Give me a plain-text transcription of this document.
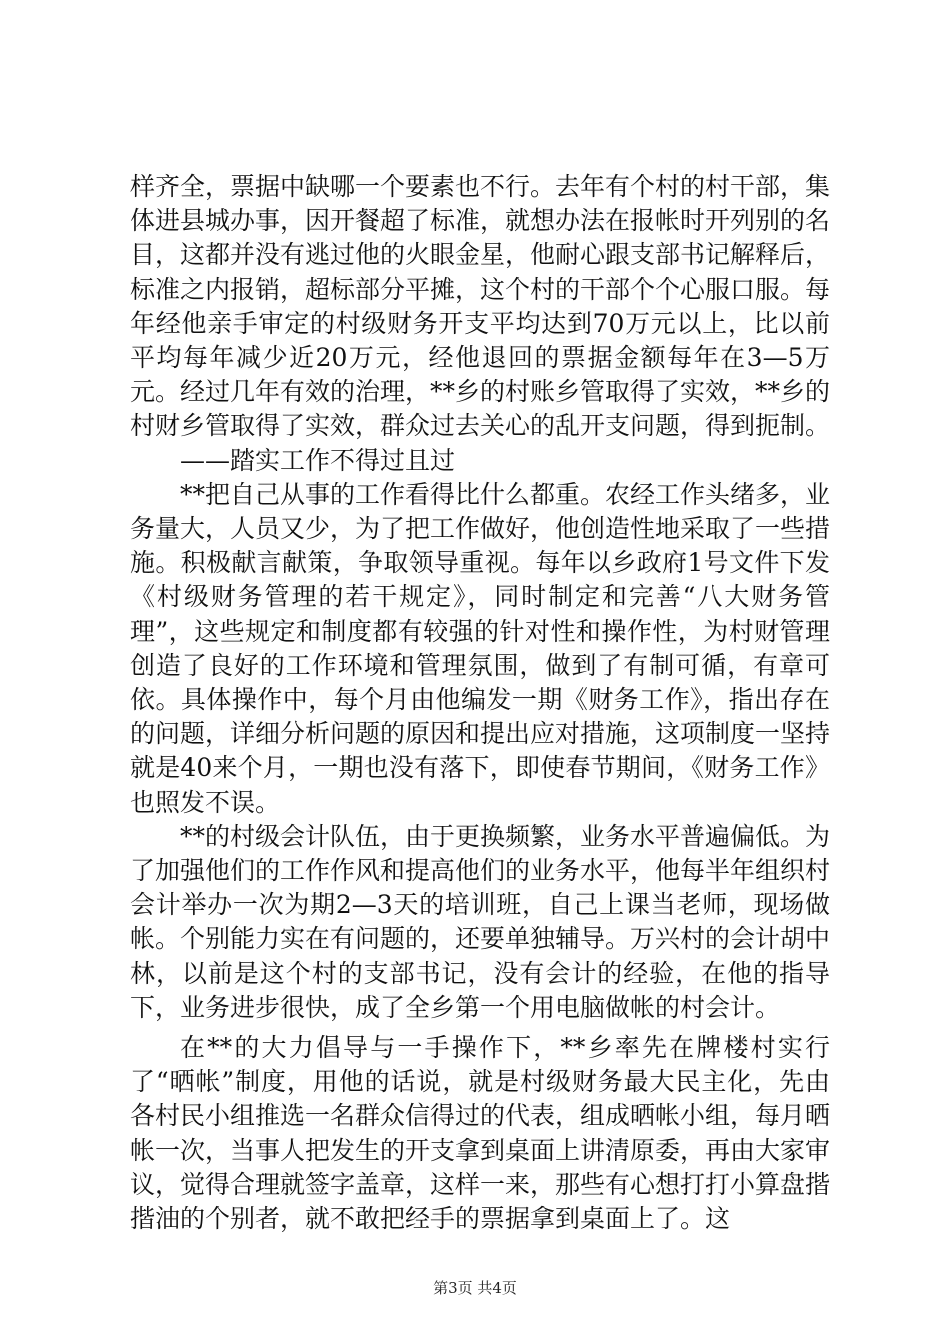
样齐全，票据中缺哪一个要素也不行。去年有个村的村干部，集体进县城办事，因开餐超了标准，就想办法在报帐时开列别的名目，这都并没有逃过他的火眼金星，他耐心跟支部书记解释后，标准之内报销，超标部分平摊，这个村的干部个个心服口服。每年经他亲手审定的村级财务开支平均达到70万元以上，比以前平均每年减少近20万元，经他退回的票据金额每年在3—5万元。经过几年有效的治理，**乡的村账乡管取得了实效，**乡的村财乡管取得了实效，群众过去关心的乱开支问题，得到扼制。

——踏实工作不得过且过

**把自己从事的工作看得比什么都重。农经工作头绪多，业务量大，人员又少，为了把工作做好，他创造性地采取了一些措施。积极献言献策，争取领导重视。每年以乡政府1号文件下发《村级财务管理的若干规定》，同时制定和完善“八大财务管理”，这些规定和制度都有较强的针对性和操作性，为村财管理创造了良好的工作环境和管理氛围，做到了有制可循，有章可依。具体操作中，每个月由他编发一期《财务工作》，指出存在的问题，详细分析问题的原因和提出应对措施，这项制度一坚持就是40来个月，一期也没有落下，即使春节期间，《财务工作》也照发不误。

**的村级会计队伍，由于更换频繁，业务水平普遍偏低。为了加强他们的工作作风和提高他们的业务水平，他每半年组织村会计举办一次为期2—3天的培训班，自己上课当老师，现场做帐。个别能力实在有问题的，还要单独辅导。万兴村的会计胡中林，以前是这个村的支部书记，没有会计的经验，在他的指导下，业务进步很快，成了全乡第一个用电脑做帐的村会计。

在**的大力倡导与一手操作下，**乡率先在牌楼村实行了“晒帐”制度，用他的话说，就是村级财务最大民主化，先由各村民小组推选一名群众信得过的代表，组成晒帐小组，每月晒帐一次，当事人把发生的开支拿到桌面上讲清原委，再由大家审议，觉得合理就签字盖章，这样一来，那些有心想打打小算盘揩揩油的个别者，就不敢把经手的票据拿到桌面上了。这

第3页 共4页
